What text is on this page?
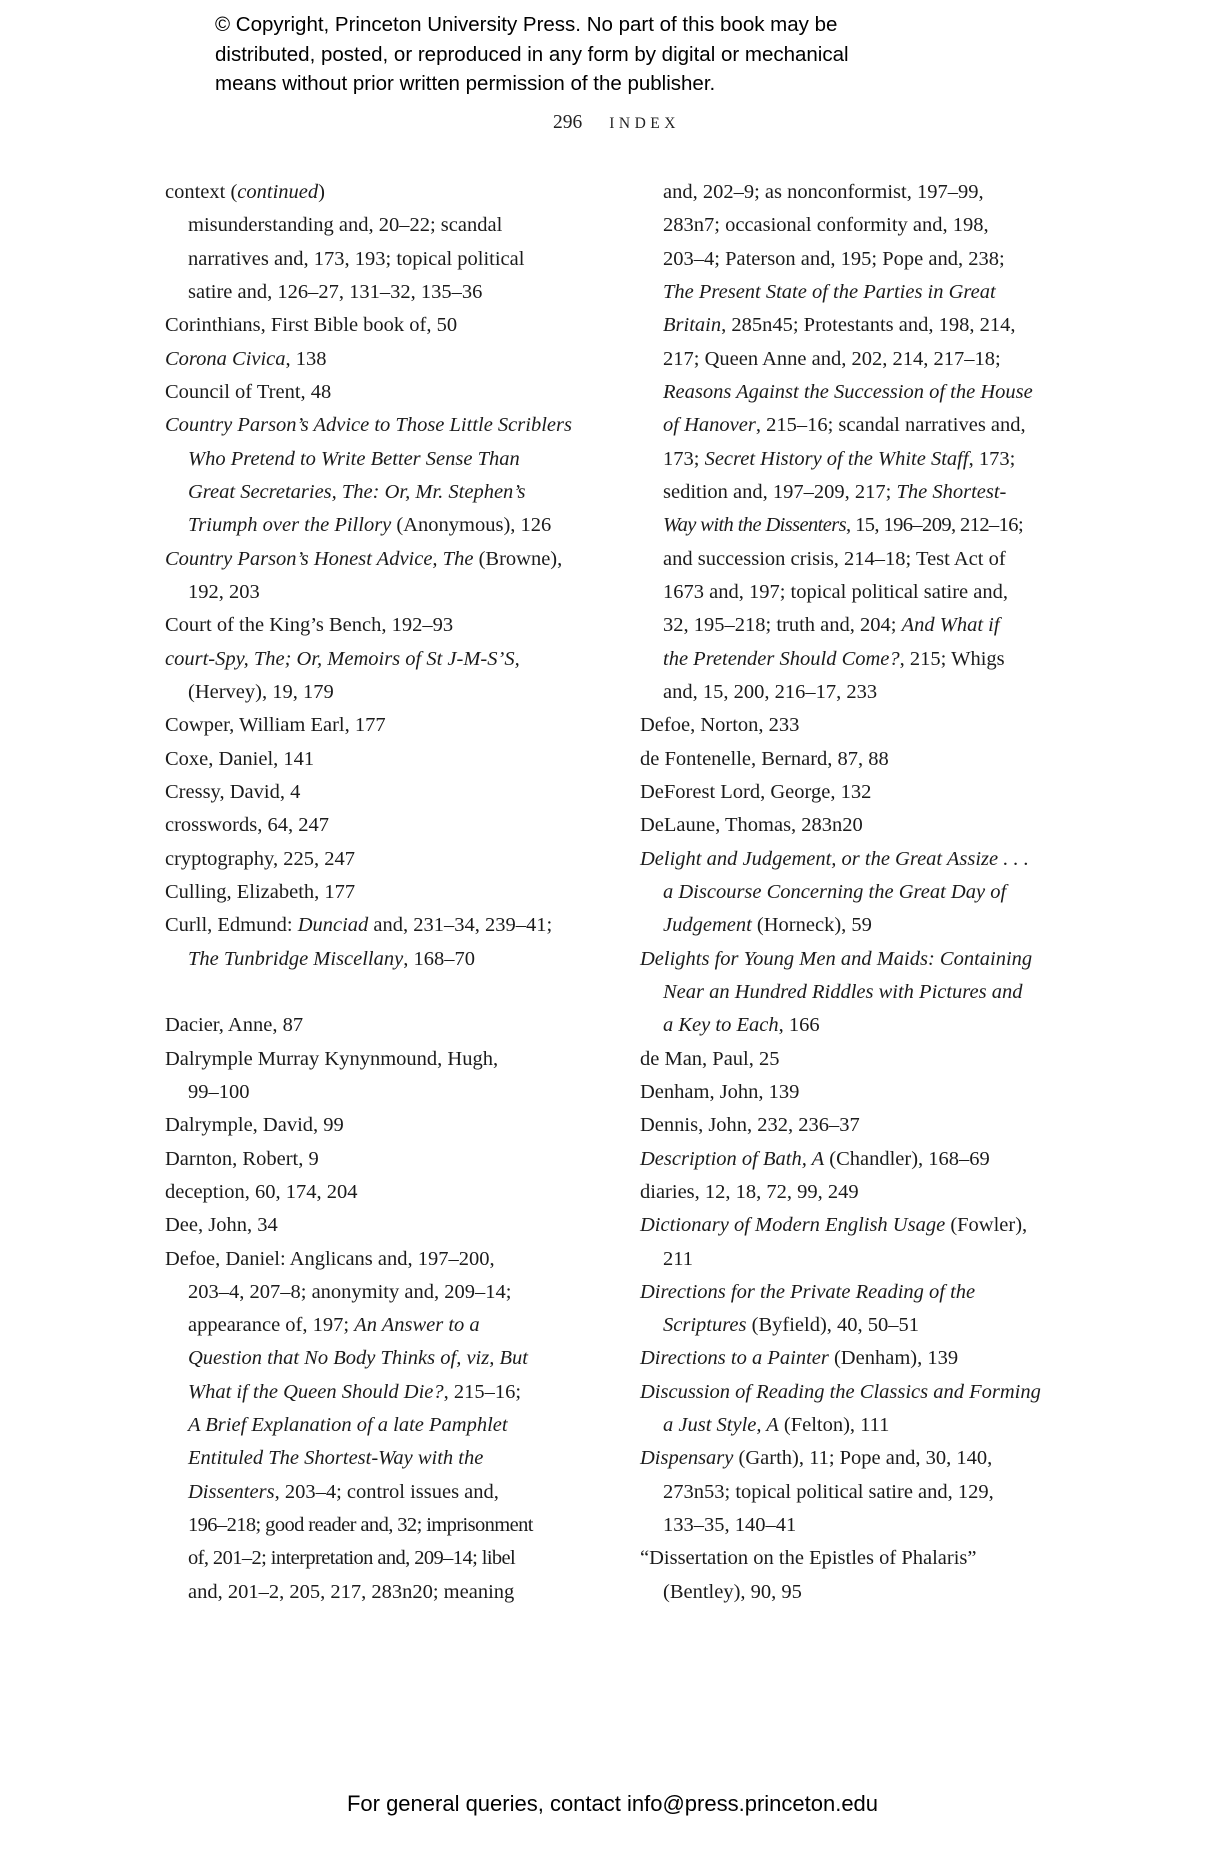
© Copyright, Princeton University Press. No part of this book may be
distributed, posted, or reproduced in any form by digital or mechanical
means without prior written permission of the publisher.
296 INDEX
context (continued)
misunderstanding and, 20–22; scandal
narratives and, 173, 193; topical political
satire and, 126–27, 131–32, 135–36
Corinthians, First Bible book of, 50
Corona Civica, 138
Council of Trent, 48
Country Parson’s Advice to Those Little Scriblers
Who Pretend to Write Better Sense Than
Great Secretaries, The: Or, Mr. Stephen’s
Triumph over the Pillory (Anonymous), 126
Country Parson’s Honest Advice, The (Browne),
192, 203
Court of the King’s Bench, 192–93
court-Spy, The; Or, Memoirs of St J-M-S’S,
(Hervey), 19, 179
Cowper, William Earl, 177
Coxe, Daniel, 141
Cressy, David, 4
crosswords, 64, 247
cryptography, 225, 247
Culling, Elizabeth, 177
Curll, Edmund: Dunciad and, 231–34, 239–41;
The Tunbridge Miscellany, 168–70
Dacier, Anne, 87
Dalrymple Murray Kynynmound, Hugh,
99–100
Dalrymple, David, 99
Darnton, Robert, 9
deception, 60, 174, 204
Dee, John, 34
Defoe, Daniel: Anglicans and, 197–200,
203–4, 207–8; anonymity and, 209–14;
appearance of, 197; An Answer to a
Question that No Body Thinks of, viz, But
What if the Queen Should Die?, 215–16;
A Brief Explanation of a late Pamphlet
Entituled The Shortest-Way with the
Dissenters, 203–4; control issues and,
196–218; good reader and, 32; imprisonment
of, 201–2; interpretation and, 209–14; libel
and, 201–2, 205, 217, 283n20; meaning
and, 202–9; as nonconformist, 197–99,
283n7; occasional conformity and, 198,
203–4; Paterson and, 195; Pope and, 238;
The Present State of the Parties in Great
Britain, 285n45; Protestants and, 198, 214,
217; Queen Anne and, 202, 214, 217–18;
Reasons Against the Succession of the House
of Hanover, 215–16; scandal narratives and,
173; Secret History of the White Staff, 173;
sedition and, 197–209, 217; The Shortest-
Way with the Dissenters, 15, 196–209, 212–16;
and succession crisis, 214–18; Test Act of
1673 and, 197; topical political satire and,
32, 195–218; truth and, 204; And What if
the Pretender Should Come?, 215; Whigs
and, 15, 200, 216–17, 233
Defoe, Norton, 233
de Fontenelle, Bernard, 87, 88
DeForest Lord, George, 132
DeLaune, Thomas, 283n20
Delight and Judgement, or the Great Assize . . .
a Discourse Concerning the Great Day of
Judgement (Horneck), 59
Delights for Young Men and Maids: Containing
Near an Hundred Riddles with Pictures and
a Key to Each, 166
de Man, Paul, 25
Denham, John, 139
Dennis, John, 232, 236–37
Description of Bath, A (Chandler), 168–69
diaries, 12, 18, 72, 99, 249
Dictionary of Modern English Usage (Fowler),
211
Directions for the Private Reading of the
Scriptures (Byfield), 40, 50–51
Directions to a Painter (Denham), 139
Discussion of Reading the Classics and Forming
a Just Style, A (Felton), 111
Dispensary (Garth), 11; Pope and, 30, 140,
273n53; topical political satire and, 129,
133–35, 140–41
“Dissertation on the Epistles of Phalaris”
(Bentley), 90, 95
For general queries, contact info@press.princeton.edu
